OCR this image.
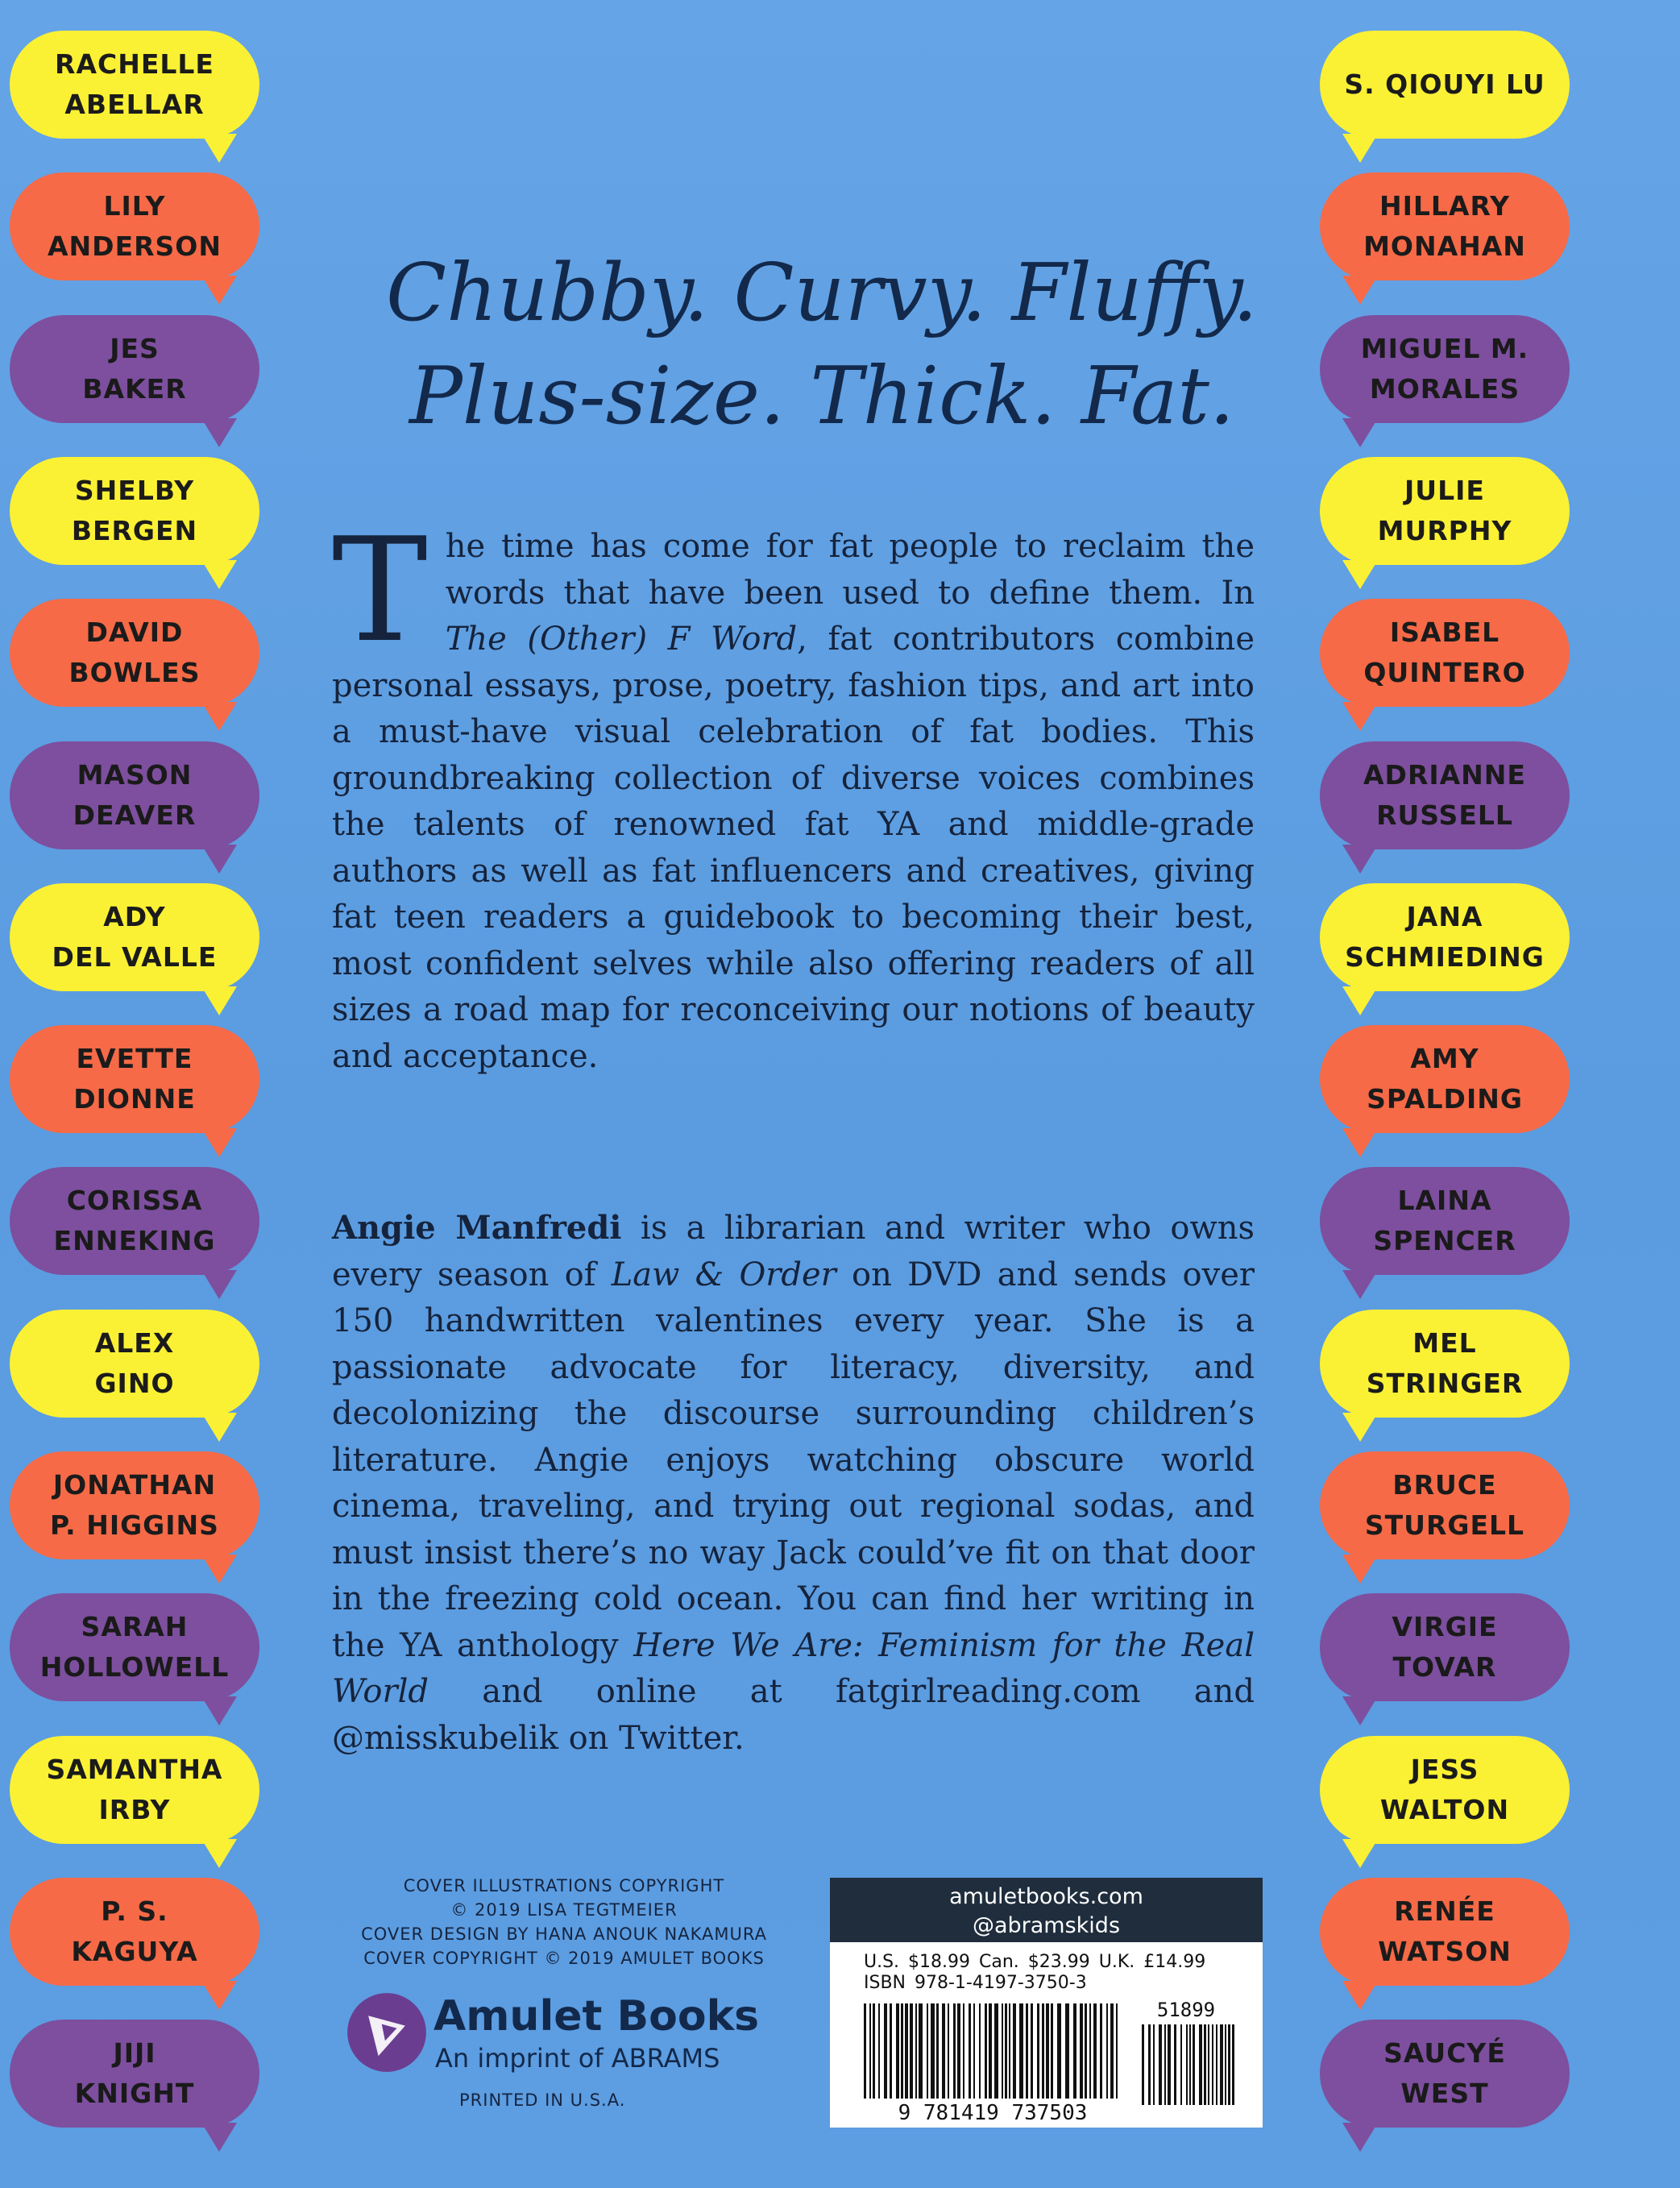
RACHELLE
ABELLAR
LILY
ANDERSON
JES
BAKER
SHELBY
BERGEN
DAVID
BOWLES
MASON
DEAVER
ADY
DEL VALLE
EVETTE
DIONNE
CORISSA
ENNEKING
ALEX
GINO
JONATHAN
P. HIGGINS
SARAH
HOLLOWELL
SAMANTHA
IRBY
P. S.
KAGUYA
JIJI
KNIGHT
S. QIOUYI LU
HILLARY
MONAHAN
MIGUEL M.
MORALES
JULIE
MURPHY
ISABEL
QUINTERO
ADRIANNE
RUSSELL
JANA
SCHMIEDING
AMY
SPALDING
LAINA
SPENCER
MEL
STRINGER
BRUCE
STURGELL
VIRGIE
TOVAR
JESS
WALTON
RENÉE
WATSON
SAUCYÉ
WEST
Chubby. Curvy. Fluffy.
Plus-size. Thick. Fat.
The time has come for fat people to reclaim the words that have been used to define them. In The (Other) F Word, fat contributors combine personal essays, prose, poetry, fashion tips, and art into a must-have visual celebration of fat bodies. This groundbreaking collection of diverse voices combines the talents of renowned fat YA and middle-grade authors as well as fat influencers and creatives, giving fat teen readers a guidebook to becoming their best, most confident selves while also offering readers of all sizes a road map for reconceiving our notions of beauty and acceptance.
Angie Manfredi is a librarian and writer who owns every season of Law & Order on DVD and sends over 150 handwritten valentines every year. She is a passionate advocate for literacy, diversity, and decolonizing the discourse surrounding children’s literature. Angie enjoys watching obscure world cinema, traveling, and trying out regional sodas, and must insist there’s no way Jack could’ve fit on that door in the freezing cold ocean. You can find her writing in the YA anthology Here We Are: Feminism for the Real World and online at fatgirlreading.com and @misskubelik on Twitter.
COVER ILLUSTRATIONS COPYRIGHT
© 2019 LISA TEGTMEIER
COVER DESIGN BY HANA ANOUK NAKAMURA
COVER COPYRIGHT © 2019 AMULET BOOKS
Amulet Books
An imprint of ABRAMS
PRINTED IN U.S.A.
amuletbooks.com
@abramskids
U.S. $18.99 Can. $23.99 U.K. £14.99
ISBN 978-1-4197-3750-3
51899
9 781419 737503
